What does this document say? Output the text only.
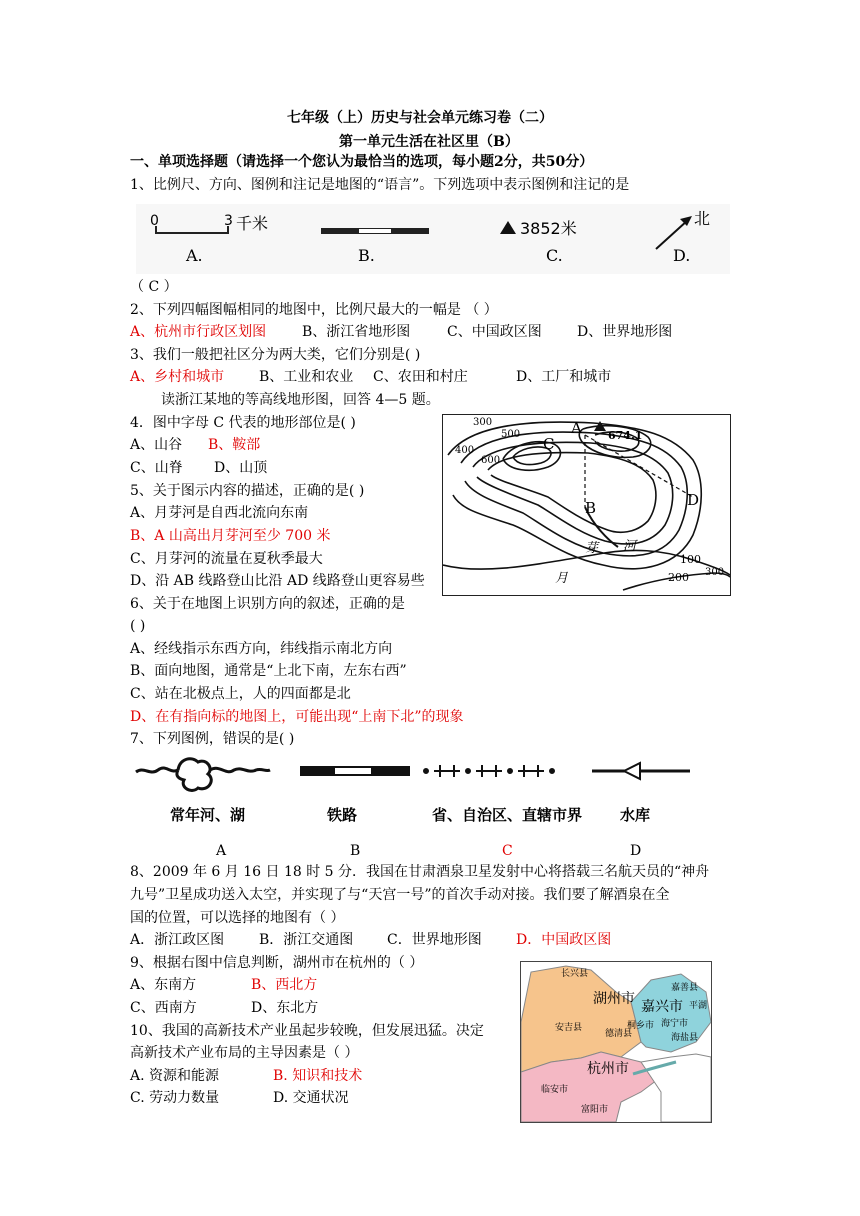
七年级（上）历史与社会单元练习卷（二）
第一单元生活在社区里（B）
一、单项选择题（请选择一个您认为最恰当的选项，每小题2分，共50分）
1、比例尺、方向、图例和注记是地图的“语言”。下列选项中表示图例和注记的是
0	3 千米	3852米
北
A.	B.	C.	D.
（ C ）
2、下列四幅图幅相同的地图中，比例尺最大的一幅是 （ ）
A、杭州市行政区划图	B、浙江省地形图	C、中国政区图	D、世界地形图
3、我们一般把社区分为两大类，它们分别是( )
A、乡村和城市 B、工业和农业 C、农田和村庄	D、工厂和城市
读浙江某地的等高线地形图，回答 4—5 题。
C
A 674.1
B	D
300
500
400
600
100
200 300
芽 河
月
4．图中字母 C 代表的地形部位是( )
A、山谷 B、鞍部
C、山脊 D、山顶
5、关于图示内容的描述，正确的是( )
A、月芽河是自西北流向东南
B、A 山高出月芽河至少 700 米
C、月芽河的流量在夏秋季最大
D、沿 AB 线路登山比沿 AD 线路登山更容易些
6、关于在地图上识别方向的叙述，正确的是
( )
A、经线指示东西方向，纬线指示南北方向
B、面向地图，通常是“上北下南，左东右西”
C、站在北极点上，人的四面都是北
D、在有指向标的地图上，可能出现“上南下北”的现象
7、下列图例，错误的是( )
常年河、湖	铁路	省、自治区、直辖市界	水库
A	B	C	D
8、2009 年 6 月 16 日 18 时 5 分．我国在甘肃酒泉卫星发射中心将搭载三名航天员的“神舟
九号”卫星成功送入太空，并实现了与“天宫一号”的首次手动对接。我们要了解酒泉在全
国的位置，可以选择的地图有（ ）
A．浙江政区图 B．浙江交通图 C．世界地形图 D．中国政区图
9、根据右图中信息判断，湖州市在杭州的（ ）
A、东南方	B、西北方
C、西南方	D、东北方
长兴县
湖州市
安吉县
德清县
嘉兴市
桐乡市 海宁市
平湖
海盐县
杭州市
临安市
富阳市
嘉善县
10、我国的高新技术产业虽起步较晚，但发展迅猛。决定
高新技术产业布局的主导因素是（ ）
A. 资源和能源	B. 知识和技术
C. 劳动力数量	D. 交通状况
